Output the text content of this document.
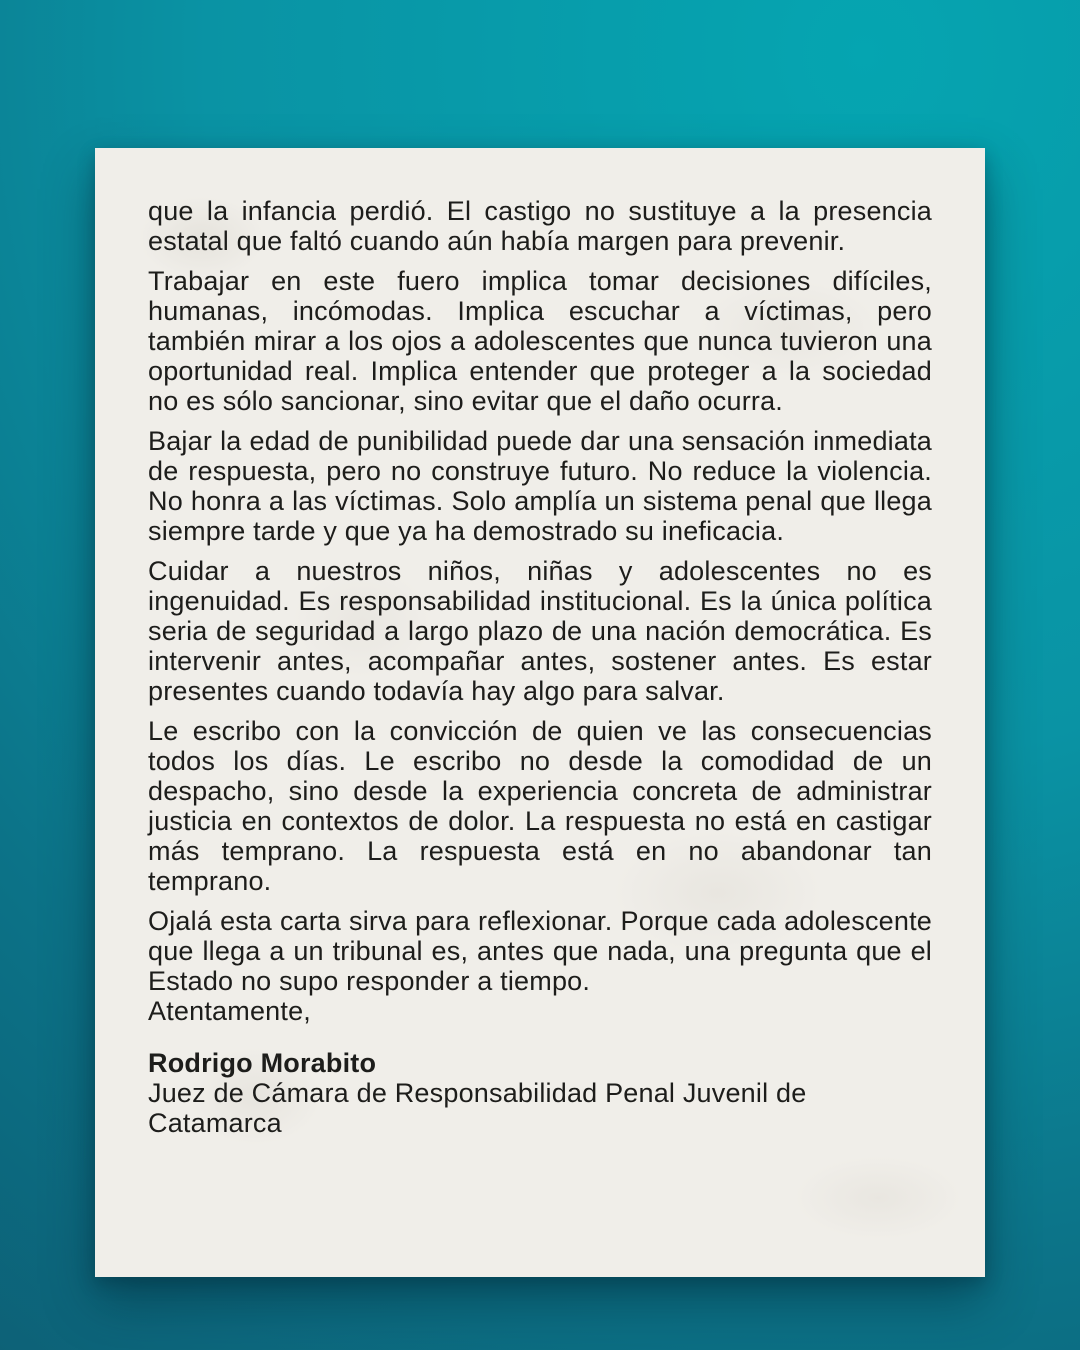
que la infancia perdió. El castigo no sustituye a la presencia estatal que faltó cuando aún había margen para prevenir.

Trabajar en este fuero implica tomar decisiones difíciles, humanas, incómodas. Implica escuchar a víctimas, pero también mirar a los ojos a adolescentes que nunca tuvieron una oportunidad real. Implica entender que proteger a la sociedad no es sólo sancionar, sino evitar que el daño ocurra.

Bajar la edad de punibilidad puede dar una sensación inmediata de respuesta, pero no construye futuro. No reduce la violencia. No honra a las víctimas. Solo amplía un sistema penal que llega siempre tarde y que ya ha demostrado su ineficacia.

Cuidar a nuestros niños, niñas y adolescentes no es ingenuidad. Es responsabilidad institucional. Es la única política seria de seguridad a largo plazo de una nación democrática. Es intervenir antes, acompañar antes, sostener antes. Es estar presentes cuando todavía hay algo para salvar.

Le escribo con la convicción de quien ve las consecuencias todos los días. Le escribo no desde la comodidad de un despacho, sino desde la experiencia concreta de administrar justicia en contextos de dolor. La respuesta no está en castigar más temprano. La respuesta está en no abandonar tan temprano.

Ojalá esta carta sirva para reflexionar. Porque cada adolescente que llega a un tribunal es, antes que nada, una pregunta que el Estado no supo responder a tiempo.

Atentamente,

Rodrigo Morabito

Juez de Cámara de Responsabilidad Penal Juvenil de Catamarca
